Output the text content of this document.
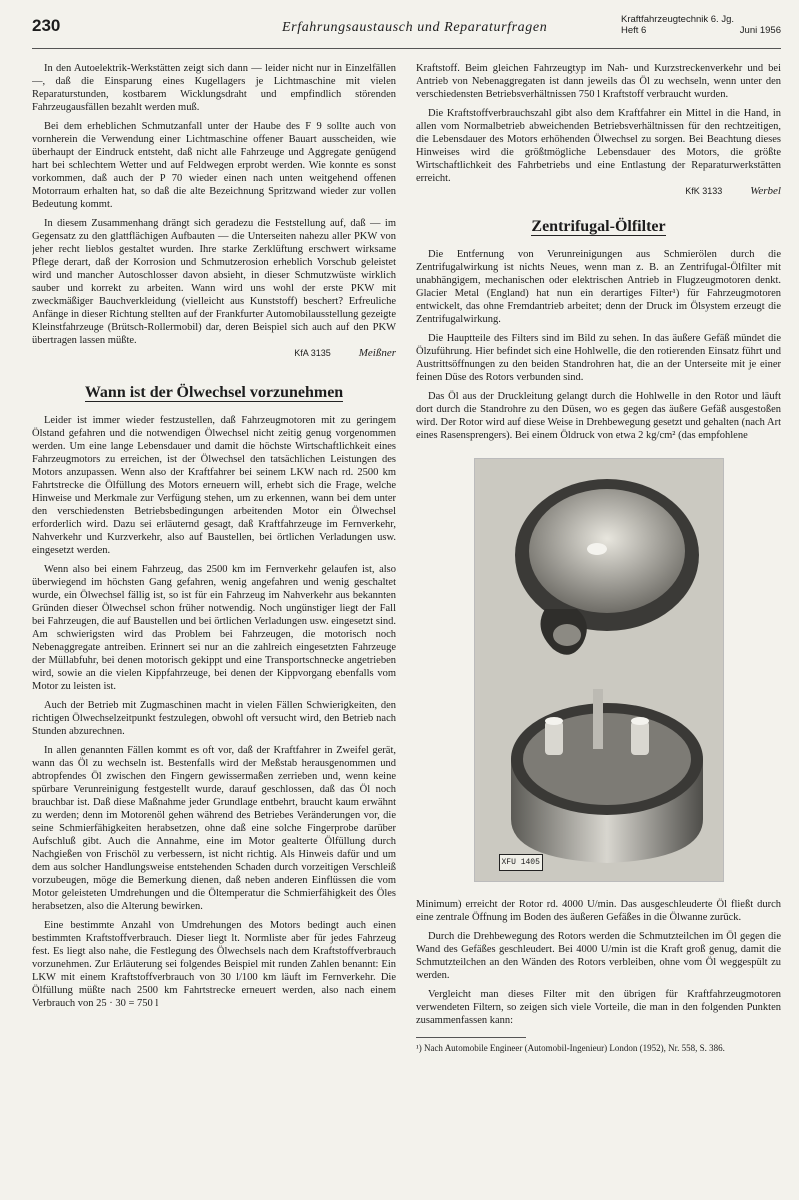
230	Erfahrungsaustausch und Reparaturfragen
Kraftfahrzeugtechnik 6. Jg.
Heft 6	Juni 1956

In den Autoelektrik-Werkstätten zeigt sich dann — leider nicht nur in Einzelfällen —, daß die Einsparung eines Kugellagers je Lichtmaschine mit vielen Reparaturstunden, kostbarem Wicklungsdraht und empfindlich störenden Fahrzeugausfällen bezahlt werden muß.

Bei dem erheblichen Schmutzanfall unter der Haube des F 9 sollte auch von vornherein die Verwendung einer Lichtmaschine offener Bauart ausscheiden, wie überhaupt der Eindruck entsteht, daß nicht alle Fahrzeuge und Aggregate genügend hart bei schlechtem Wetter und auf Feldwegen erprobt werden. Wie konnte es sonst vorkommen, daß auch der P 70 wieder einen nach unten weitgehend offenen Motorraum erhalten hat, so daß die alte Bezeichnung Spritzwand wieder zur vollen Bedeutung kommt.

In diesem Zusammenhang drängt sich geradezu die Feststellung auf, daß — im Gegensatz zu den glattflächigen Aufbauten — die Unterseiten nahezu aller PKW von jeher recht lieblos gestaltet wurden. Ihre starke Zerklüftung erschwert wirksame Pflege derart, daß der Korrosion und Schmutzerosion erheblich Vorschub geleistet wird und mancher Autoschlosser davon absieht, in dieser Schmutzwüste wirklich sauber und korrekt zu arbeiten. Wann wird uns wohl der erste PKW mit zweckmäßiger Bauchverkleidung (vielleicht aus Kunststoff) beschert? Erfreuliche Anfänge in dieser Richtung stellten auf der Frankfurter Automobilausstellung gezeigte Kleinstfahrzeuge (Brütsch-Rollermobil) dar, deren Beispiel sich auch auf den PKW übertragen lassen müßte.

KfA 3135	Meißner
Wann ist der Ölwechsel vorzunehmen

Leider ist immer wieder festzustellen, daß Fahrzeugmotoren mit zu geringem Ölstand gefahren und die notwendigen Ölwechsel nicht zeitig genug vorgenommen werden. Um eine lange Lebensdauer und damit die höchste Wirtschaftlichkeit eines Fahrzeugmotors zu erreichen, ist der Ölwechsel den tatsächlichen Leistungen des Motors anzupassen. Wenn also der Kraftfahrer bei seinem LKW nach rd. 2500 km Fahrtstrecke die Ölfüllung des Motors erneuern will, erhebt sich die Frage, welche Hinweise und Merkmale zur Verfügung stehen, um zu erkennen, wann bei dem unter den verschiedensten Betriebsbedingungen arbeitenden Motor ein Ölwechsel erforderlich wird. Dazu sei erläuternd gesagt, daß Kraftfahrzeuge im Fernverkehr, Nahverkehr und Kurzverkehr, also auf Baustellen, bei örtlichen Verladungen usw. eingesetzt werden.

Wenn also bei einem Fahrzeug, das 2500 km im Fernverkehr gelaufen ist, also überwiegend im höchsten Gang gefahren, wenig angefahren und wenig geschaltet wurde, ein Ölwechsel fällig ist, so ist für ein Fahrzeug im Nahverkehr aus bekannten Gründen dieser Ölwechsel schon früher notwendig. Noch ungünstiger liegt der Fall bei Fahrzeugen, die auf Baustellen und bei örtlichen Verladungen usw. eingesetzt sind. Am schwierigsten wird das Problem bei Fahrzeugen, die motorisch noch Nebenaggregate antreiben. Erinnert sei nur an die zahlreich eingesetzten Fahrzeuge der Müllabfuhr, bei denen motorisch gekippt und eine Transportschnecke angetrieben wird, sowie an die vielen Kippfahrzeuge, bei denen der Kippvorgang ebenfalls vom Motor zu leisten ist.

Auch der Betrieb mit Zugmaschinen macht in vielen Fällen Schwierigkeiten, den richtigen Ölwechselzeitpunkt festzulegen, obwohl oft versucht wird, den Betrieb nach Stunden abzurechnen.

In allen genannten Fällen kommt es oft vor, daß der Kraftfahrer in Zweifel gerät, wann das Öl zu wechseln ist. Bestenfalls wird der Meßstab herausgenommen und abtropfendes Öl zwischen den Fingern gewissermaßen zerrieben und, wenn keine spürbare Verunreinigung festgestellt wurde, darauf geschlossen, daß das Öl noch brauchbar ist. Daß diese Maßnahme jeder Grundlage entbehrt, braucht kaum erwähnt zu werden; denn im Motorenöl gehen während des Betriebes Veränderungen vor, die seine Schmierfähigkeiten herabsetzen, ohne daß eine solche Fingerprobe darüber Aufschluß gibt. Auch die Annahme, eine im Motor gealterte Ölfüllung durch Nachgießen von Frischöl zu verbessern, ist nicht richtig. Als Hinweis dafür und um dem aus solcher Handlungsweise entstehenden Schaden durch vorzeitigen Verschleiß vorzubeugen, möge die Bemerkung dienen, daß neben anderen Einflüssen die vom Motor geleisteten Umdrehungen und die Öltemperatur die Schmierfähigkeit des Öles herabsetzen, also die Alterung bewirken.

Eine bestimmte Anzahl von Umdrehungen des Motors bedingt auch einen bestimmten Kraftstoffverbrauch. Dieser liegt lt. Normliste aber für jedes Fahrzeug fest. Es liegt also nahe, die Festlegung des Ölwechsels nach dem Kraftstoffverbrauch vorzunehmen. Zur Erläuterung sei folgendes Beispiel mit runden Zahlen benannt: Ein LKW mit einem Kraftstoffverbrauch von 30 l/100 km läuft im Fernverkehr. Die Ölfüllung müßte nach 2500 km Fahrtstrecke erneuert werden, also nach einem Verbrauch von 25 · 30 = 750 l

Kraftstoff. Beim gleichen Fahrzeugtyp im Nah- und Kurzstreckenverkehr und bei Antrieb von Nebenaggregaten ist dann jeweils das Öl zu wechseln, wenn unter den verschiedensten Betriebsverhältnissen 750 l Kraftstoff verbraucht wurden.

Die Kraftstoffverbrauchszahl gibt also dem Kraftfahrer ein Mittel in die Hand, in allen vom Normalbetrieb abweichenden Betriebsverhältnissen für den rechtzeitigen, die Lebensdauer des Motors erhöhenden Ölwechsel zu sorgen. Bei Beachtung dieses Hinweises wird die größtmögliche Lebensdauer des Motors, die größte Wirtschaftlichkeit des Fahrbetriebs und eine Entlastung der Reparaturwerkstätten erreicht.

KfK 3133	Werbel
Zentrifugal-Ölfilter

Die Entfernung von Verunreinigungen aus Schmierölen durch die Zentrifugalwirkung ist nichts Neues, wenn man z. B. an Zentrifugal-Ölfilter mit unabhängigem, mechanischen oder elektrischen Antrieb in Flugzeugmotoren denkt. Glacier Metal (England) hat nun ein derartiges Filter¹) für Fahrzeugmotoren entwickelt, das ohne Fremdantrieb arbeitet; denn der Druck im Ölsystem erzeugt die Zentrifugalwirkung.

Die Hauptteile des Filters sind im Bild zu sehen. In das äußere Gefäß mündet die Ölzuführung. Hier befindet sich eine Hohlwelle, die den rotierenden Einsatz führt und Austrittsöffnungen zu den beiden Standrohren hat, die an der Unterseite mit je einer feinen Düse des Rotors verbunden sind.

Das Öl aus der Druckleitung gelangt durch die Hohlwelle in den Rotor und läuft dort durch die Standrohre zu den Düsen, wo es gegen das äußere Gefäß ausgestoßen wird. Der Rotor wird auf diese Weise in Drehbewegung gesetzt und gehalten (nach Art eines Rasensprengers). Bei einem Öldruck von etwa 2 kg/cm² (das empfohlene

XFU 1405

Minimum) erreicht der Rotor rd. 4000 U/min. Das ausgeschleuderte Öl fließt durch eine zentrale Öffnung im Boden des äußeren Gefäßes in die Ölwanne zurück.

Durch die Drehbewegung des Rotors werden die Schmutzteilchen im Öl gegen die Wand des Gefäßes geschleudert. Bei 4000 U/min ist die Kraft groß genug, damit die Schmutzteilchen an den Wänden des Rotors verbleiben, ohne vom Öl weggespült zu werden.

Vergleicht man dieses Filter mit den übrigen für Kraftfahrzeugmotoren verwendeten Filtern, so zeigen sich viele Vorteile, die man in den folgenden Punkten zusammenfassen kann:

¹) Nach Automobile Engineer (Automobil-Ingenieur) London (1952), Nr. 558, S. 386.
